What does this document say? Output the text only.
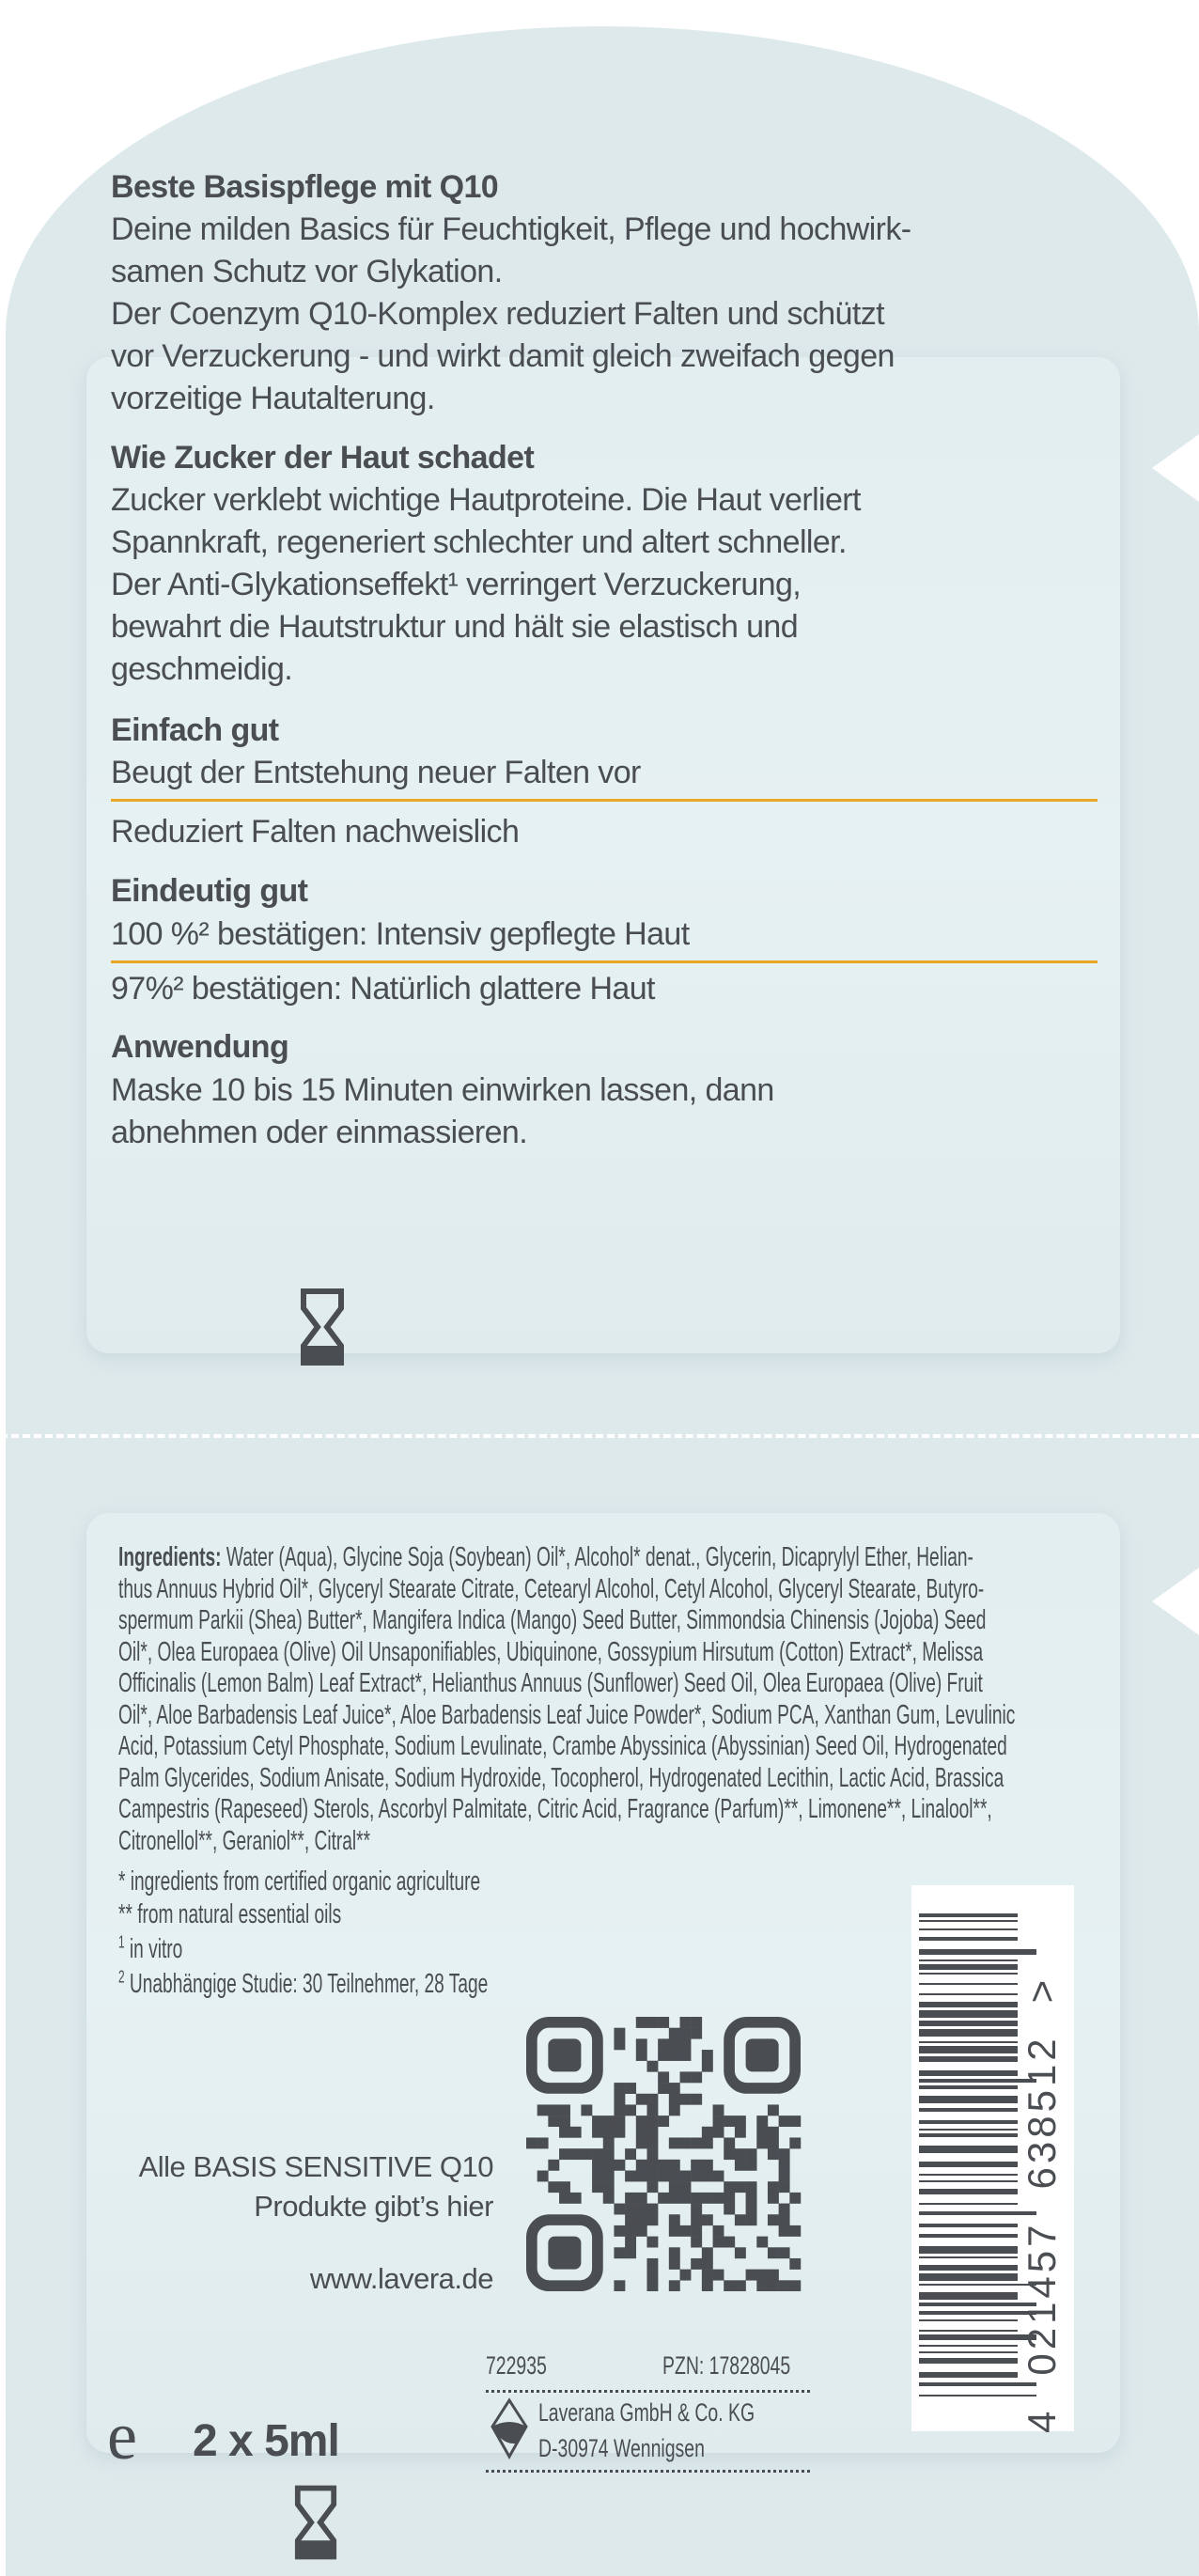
Beste Basispflege mit Q10
Deine milden Basics für Feuchtigkeit, Pflege und hochwirk-
samen Schutz vor Glykation.
Der Coenzym Q10-Komplex reduziert Falten und schützt
vor Verzuckerung - und wirkt damit gleich zweifach gegen
vorzeitige Hautalterung.
Wie Zucker der Haut schadet
Zucker verklebt wichtige Hautproteine. Die Haut verliert
Spannkraft, regeneriert schlechter und altert schneller.
Der Anti-Glykationseffekt¹ verringert Verzuckerung,
bewahrt die Hautstruktur und hält sie elastisch und
geschmeidig.
Einfach gut
Beugt der Entstehung neuer Falten vor
Reduziert Falten nachweislich
Eindeutig gut
100 %² bestätigen: Intensiv gepflegte Haut
97%² bestätigen: Natürlich glattere Haut
Anwendung
Maske 10 bis 15 Minuten einwirken lassen, dann
abnehmen oder einmassieren.
Ingredients: Water (Aqua), Glycine Soja (Soybean) Oil*, Alcohol* denat., Glycerin, Dicaprylyl Ether, Helian-
thus Annuus Hybrid Oil*, Glyceryl Stearate Citrate, Cetearyl Alcohol, Cetyl Alcohol, Glyceryl Stearate, Butyro-
spermum Parkii (Shea) Butter*, Mangifera Indica (Mango) Seed Butter, Simmondsia Chinensis (Jojoba) Seed
Oil*, Olea Europaea (Olive) Oil Unsaponifiables, Ubiquinone, Gossypium Hirsutum (Cotton) Extract*, Melissa
Officinalis (Lemon Balm) Leaf Extract*, Helianthus Annuus (Sunflower) Seed Oil, Olea Europaea (Olive) Fruit
Oil*, Aloe Barbadensis Leaf Juice*, Aloe Barbadensis Leaf Juice Powder*, Sodium PCA, Xanthan Gum, Levulinic
Acid, Potassium Cetyl Phosphate, Sodium Levulinate, Crambe Abyssinica (Abyssinian) Seed Oil, Hydrogenated
Palm Glycerides, Sodium Anisate, Sodium Hydroxide, Tocopherol, Hydrogenated Lecithin, Lactic Acid, Brassica
Campestris (Rapeseed) Sterols, Ascorbyl Palmitate, Citric Acid, Fragrance (Parfum)**, Limonene**, Linalool**,
Citronellol**, Geraniol**, Citral**
* ingredients from certified organic agriculture
** from natural essential oils
$^1$ in vitro
$^2$ Unabhängige Studie: 30 Teilnehmer, 28 Tage
4
021457
638512
>
Alle BASIS SENSITIVE Q10
Produkte gibt’s hier
www.lavera.de
722935	PZN: 17828045
Laverana GmbH & Co. KG
D-30974 Wennigsen
e 2 x 5ml
